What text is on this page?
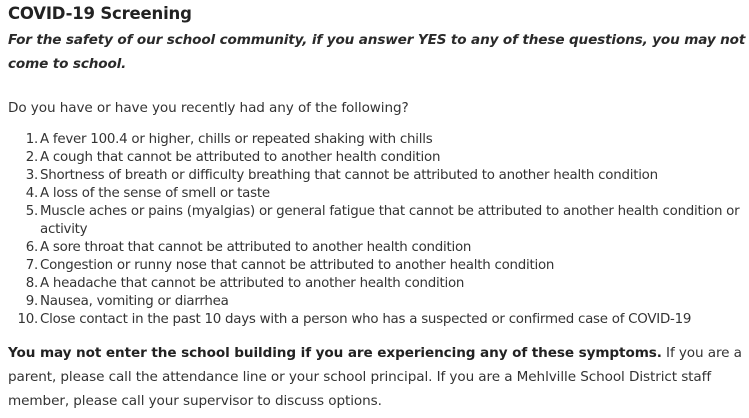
COVID-19 Screening
For the safety of our school community, if you answer YES to any of these questions, you may not come to school.
Do you have or have you recently had any of the following?
1. A fever 100.4 or higher, chills or repeated shaking with chills
2. A cough that cannot be attributed to another health condition
3. Shortness of breath or difficulty breathing that cannot be attributed to another health condition
4. A loss of the sense of smell or taste
5. Muscle aches or pains (myalgias) or general fatigue that cannot be attributed to another health condition or activity
6. A sore throat that cannot be attributed to another health condition
7. Congestion or runny nose that cannot be attributed to another health condition
8. A headache that cannot be attributed to another health condition
9. Nausea, vomiting or diarrhea
10. Close contact in the past 10 days with a person who has a suspected or confirmed case of COVID-19
You may not enter the school building if you are experiencing any of these symptoms. If you are a parent, please call the attendance line or your school principal. If you are a Mehlville School District staff member, please call your supervisor to discuss options.
